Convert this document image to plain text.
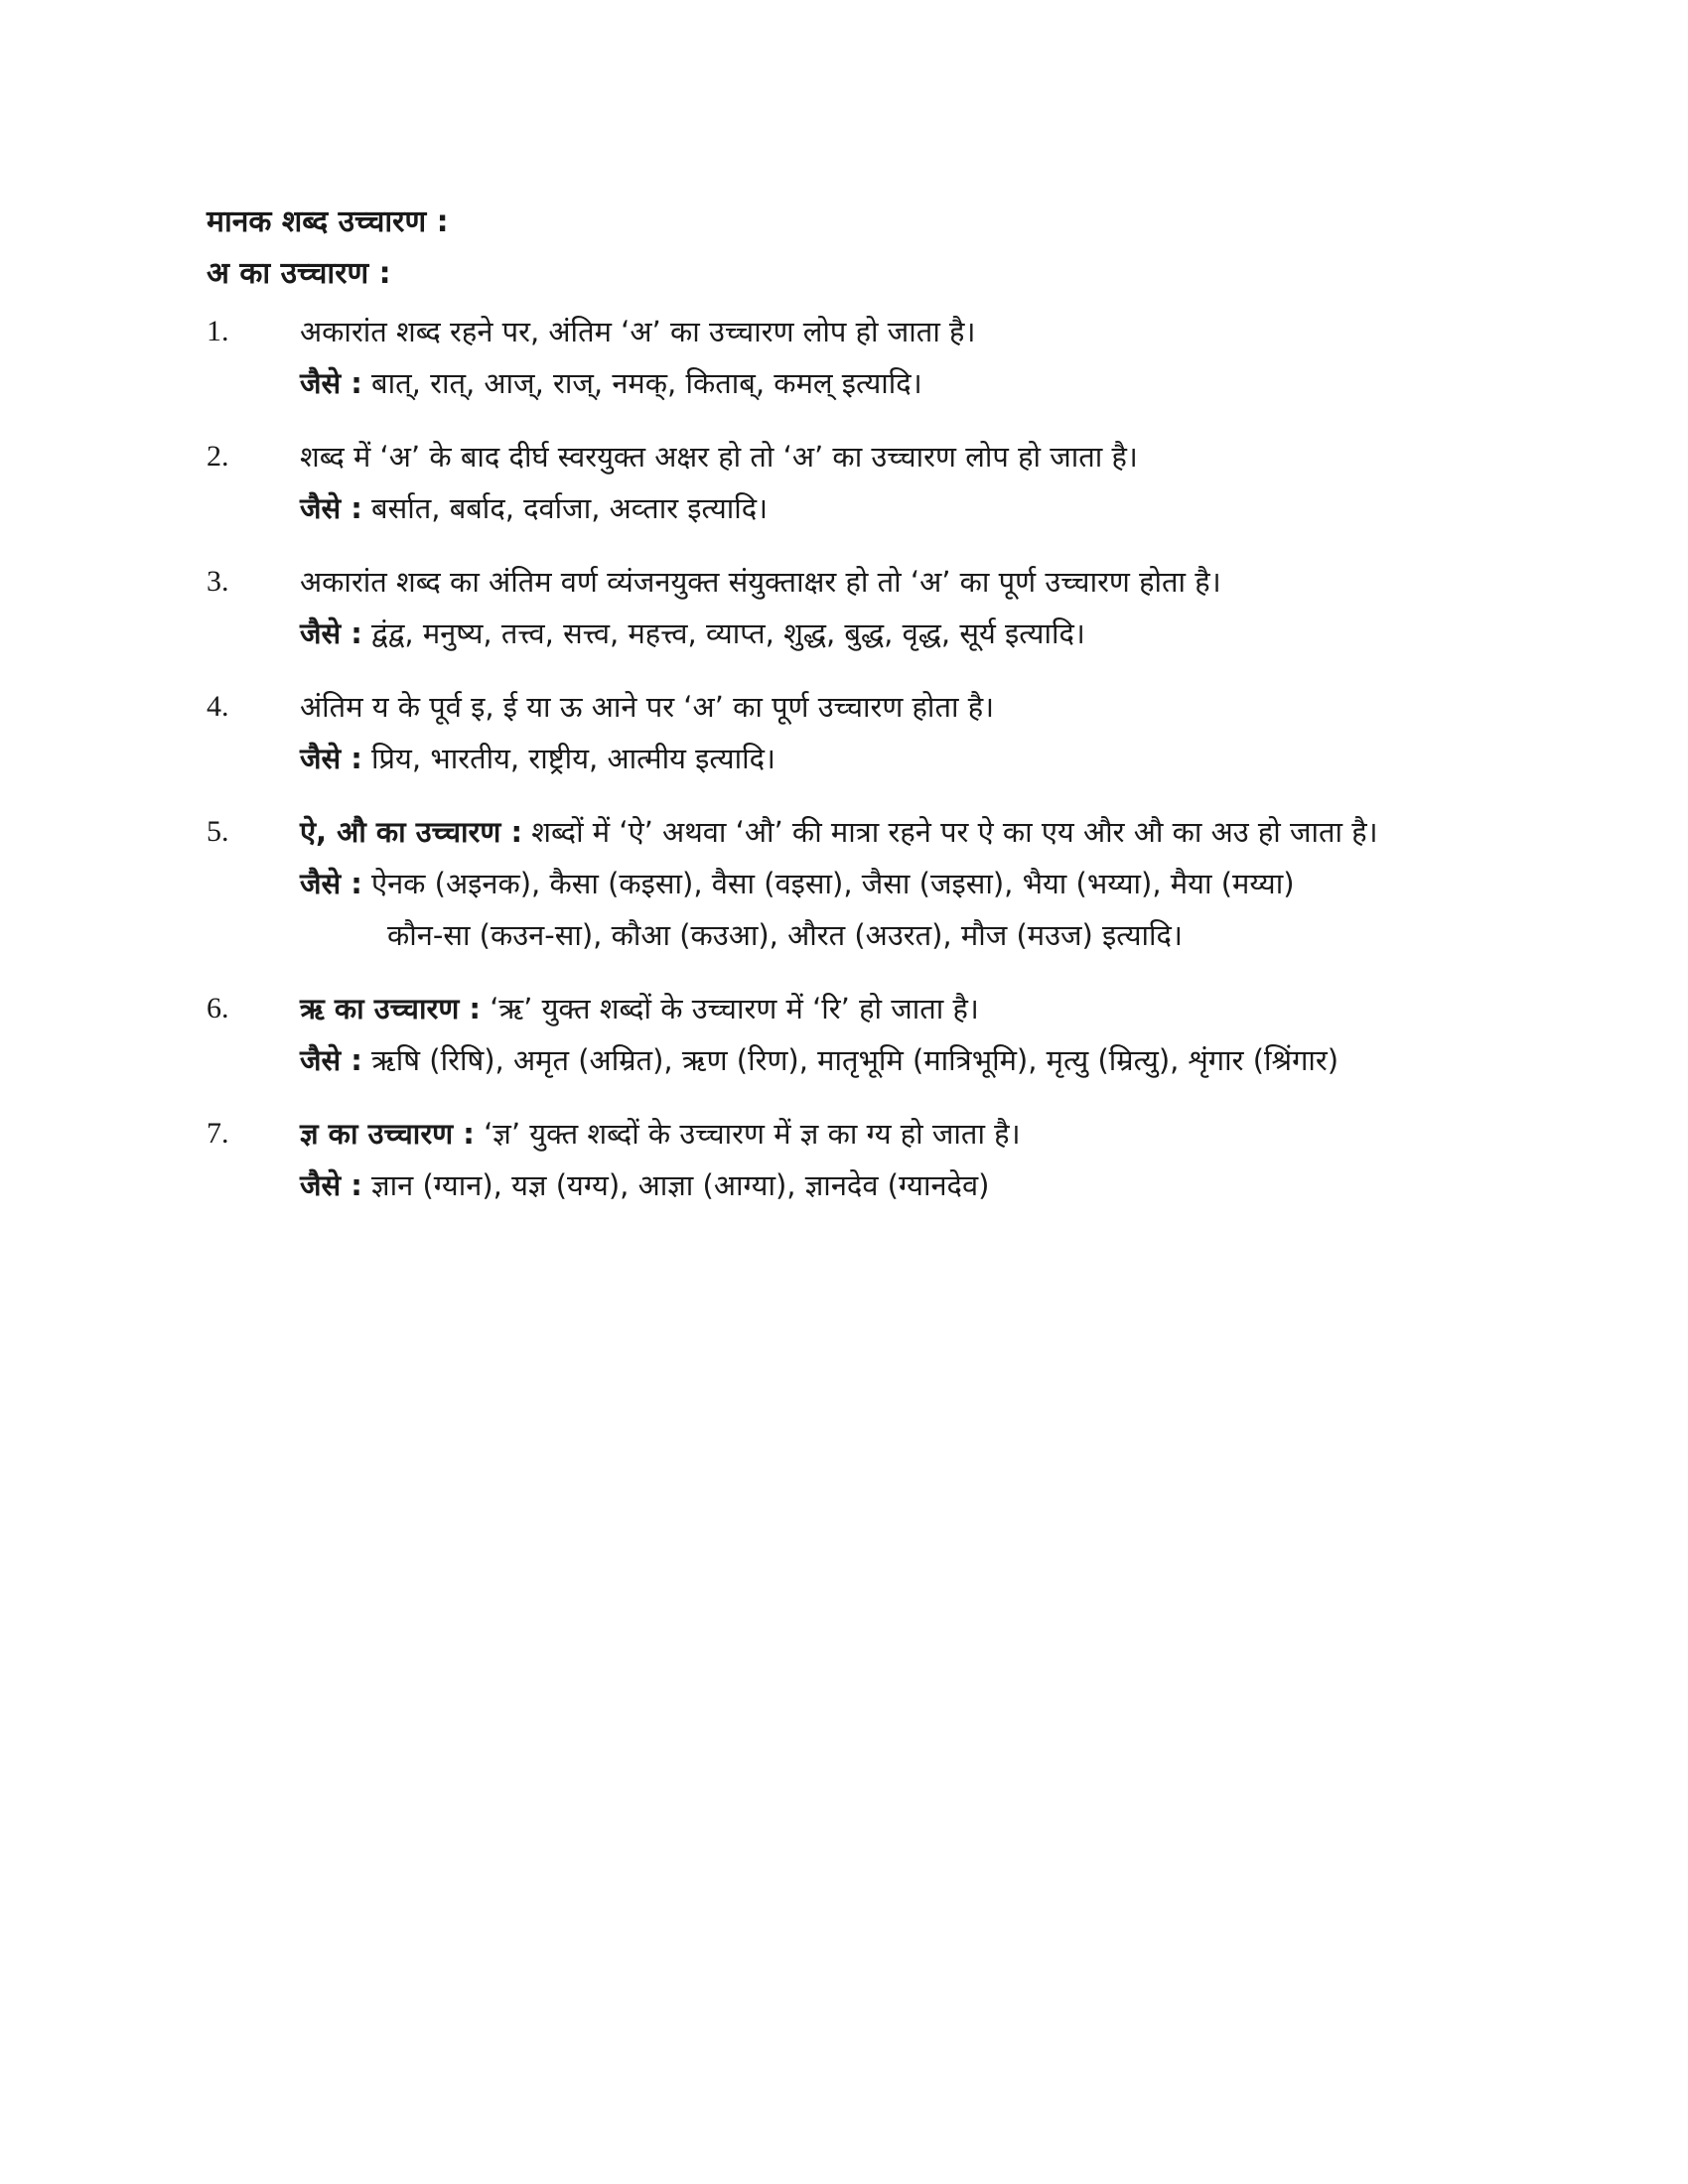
मानक शब्द उच्चारण :
अ का उच्चारण :
1.	अकारांत शब्द रहने पर, अंतिम ‘अ’ का उच्चारण लोप हो जाता है।
जैसे : बात्, रात्, आज्, राज्, नमक्, किताब्, कमल् इत्यादि।
2.	शब्द में ‘अ’ के बाद दीर्घ स्वरयुक्त अक्षर हो तो ‘अ’ का उच्चारण लोप हो जाता है।
जैसे : बर्सात, बर्बाद, दर्वाजा, अव्तार इत्यादि।
3.	अकारांत शब्द का अंतिम वर्ण व्यंजनयुक्त संयुक्ताक्षर हो तो ‘अ’ का पूर्ण उच्चारण होता है।
जैसे : द्वंद्व, मनुष्य, तत्त्व, सत्त्व, महत्त्व, व्याप्त, शुद्ध, बुद्ध, वृद्ध, सूर्य इत्यादि।
4.	अंतिम य के पूर्व इ, ई या ऊ आने पर ‘अ’ का पूर्ण उच्चारण होता है।
जैसे : प्रिय, भारतीय, राष्ट्रीय, आत्मीय इत्यादि।
5.	ऐ, औ का उच्चारण : शब्दों में ‘ऐ’ अथवा ‘औ’ की मात्रा रहने पर ऐ का एय और औ का अउ हो जाता है।
जैसे : ऐनक (अइनक), कैसा (कइसा), वैसा (वइसा), जैसा (जइसा), भैया (भय्या), मैया (मय्या)
कौन-सा (कउन-सा), कौआ (कउआ), औरत (अउरत), मौज (मउज) इत्यादि।
6.	ऋ का उच्चारण : ‘ऋ’ युक्त शब्दों के उच्चारण में ‘रि’ हो जाता है।
जैसे : ऋषि (रिषि), अमृत (अम्रित), ऋण (रिण), मातृभूमि (मात्रिभूमि), मृत्यु (म्रित्यु), शृंगार (श्रिंगार)
7.	ज्ञ का उच्चारण : ‘ज्ञ’ युक्त शब्दों के उच्चारण में ज्ञ का ग्य हो जाता है।
जैसे : ज्ञान (ग्यान), यज्ञ (यग्य), आज्ञा (आग्या), ज्ञानदेव (ग्यानदेव)
